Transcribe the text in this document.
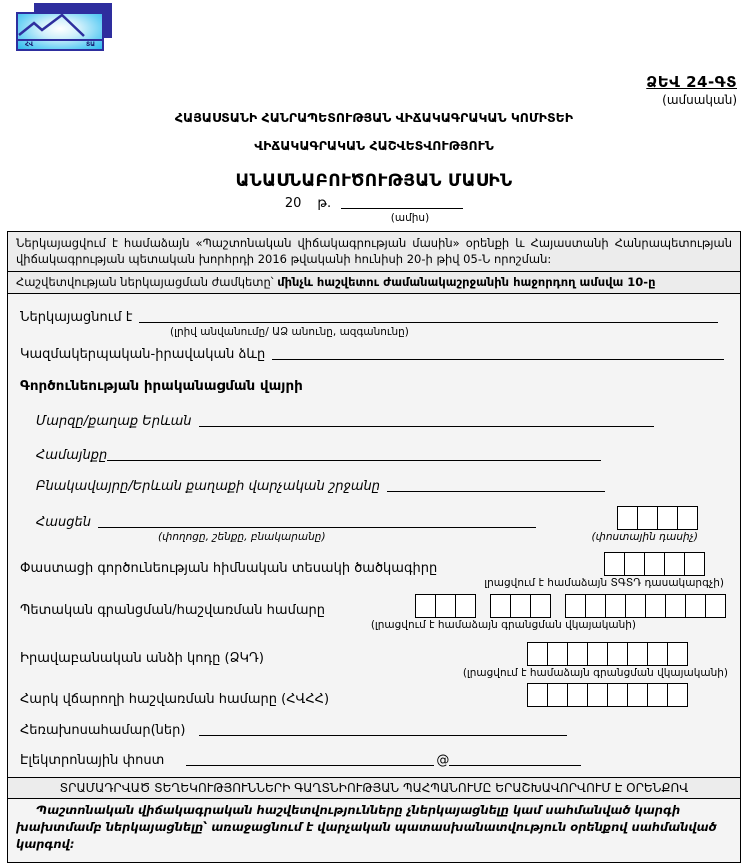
ՀՎ	ՏԱ
ՁԵՎ 24-ԳՏ
(ամսական)
ՀԱՅԱՍՏԱՆԻ ՀԱՆՐԱՊԵՏՈՒԹՅԱՆ ՎԻՃԱԿԱԳՐԱԿԱՆ ԿՈՄԻՏԵԻ
ՎԻՃԱԿԱԳՐԱԿԱՆ ՀԱՇՎԵՏՎՈՒԹՅՈՒՆ
ԱՆԱՍՆԱԲՈՒԾՈՒԹՅԱՆ ՄԱՍԻՆ
20 թ.
(ամիս)
Ներկայացվում է համաձայն «Պաշտոնական վիճակագրության մասին» օրենքի և Հայաստանի Հանրապետության վիճակագրության պետական խորհրդի 2016 թվականի հունիսի 20-ի թիվ 05-Ն որոշման:
Հաշվետվության ներկայացման ժամկետը՝ մինչև հաշվետու ժամանակաշրջանին հաջորդող ամսվա 10-ը
Ներկայացնում է
(լրիվ անվանումը/ ԱՁ անունը, ազգանունը)
Կազմակերպական-իրավական ձևը
Գործունեության իրականացման վայրի
Մարզը/քաղաք Երևան
Համայնքը
Բնակավայրը/Երևան քաղաքի վարչական շրջանը
Հասցեն
(փողոցը, շենքը, բնակարանը)	(փոստային դասիչ)
Փաստացի գործունեության հիմնական տեսակի ծածկագիրը
լրացվում է համաձայն ՏԳՏԴ դասակարգչի)
Պետական գրանցման/հաշվառման համարը
(լրացվում է համաձայն գրանցման վկայականի)
Իրավաբանական անձի կոդը (ՁԿԴ)
(լրացվում է համաձայն գրանցման վկայականի)
Հարկ վճարողի հաշվառման համարը (ՀՎՀՀ)
Հեռախոսահամար(ներ)
Էլեկտրոնային փոստ	@
ՏՐԱՄԱԴՐՎԱԾ ՏԵՂԵԿՈՒԹՅՈՒՆՆԵՐԻ ԳԱՂՏՆԻՈՒԹՅԱՆ ՊԱՀՊԱՆՈՒՄԸ ԵՐԱՇԽԱՎՈՐՎՈՒՄ Է ՕՐԵՆՔՈՎ
Պաշտոնական վիճակագրական հաշվետվությունները չներկայացնելը կամ սահմանված կարգի խախտմամբ ներկայացնելը՝ առաջացնում է վարչական պատասխանատվություն օրենքով սահմանված կարգով:
